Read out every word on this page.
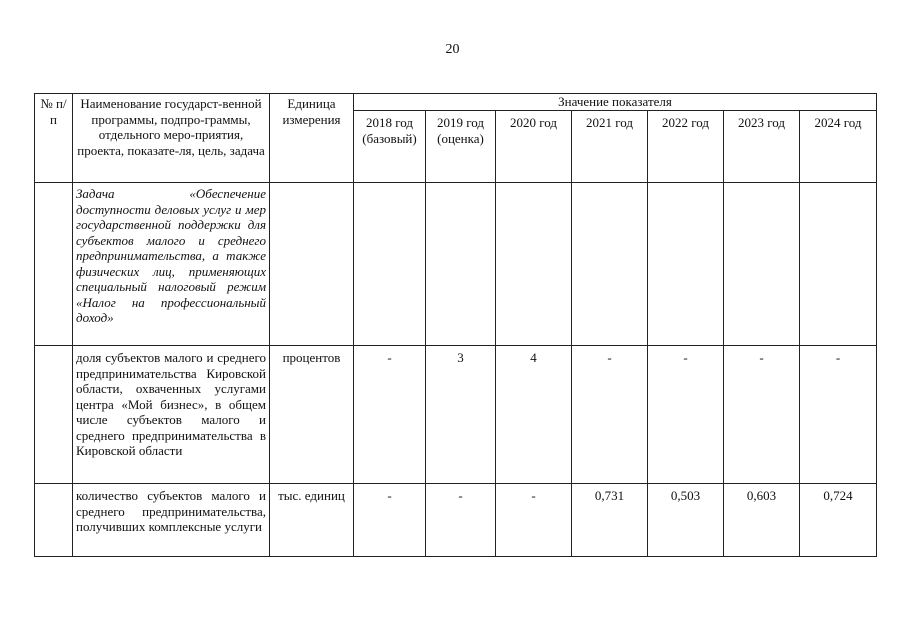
20
№ п/п	Наименование государст-венной программы, подпро-граммы, отдельного меро-приятия, проекта, показате-ля, цель, задача	Единица измерения	Значение показателя						
			2018 год (базовый)	2019 год (оценка)	2020 год	2021 год	2022 год	2023 год	2024 год
	Задача «Обеспечение доступности деловых услуг и мер государственной поддержки для субъектов малого и среднего предпринимательства, а также физических лиц, применяющих специальный налоговый режим «Налог на профессиональный доход»								
	доля субъектов малого и среднего предпринимательства Кировской области, охваченных услугами центра «Мой бизнес», в общем числе субъектов малого и среднего предпринимательства в Кировской области	процентов	-	3	4	-	-	-	-
	количество субъектов малого и среднего предпринимательства, получивших комплексные услуги	тыс. единиц	-	-	-	0,731	0,503	0,603	0,724
